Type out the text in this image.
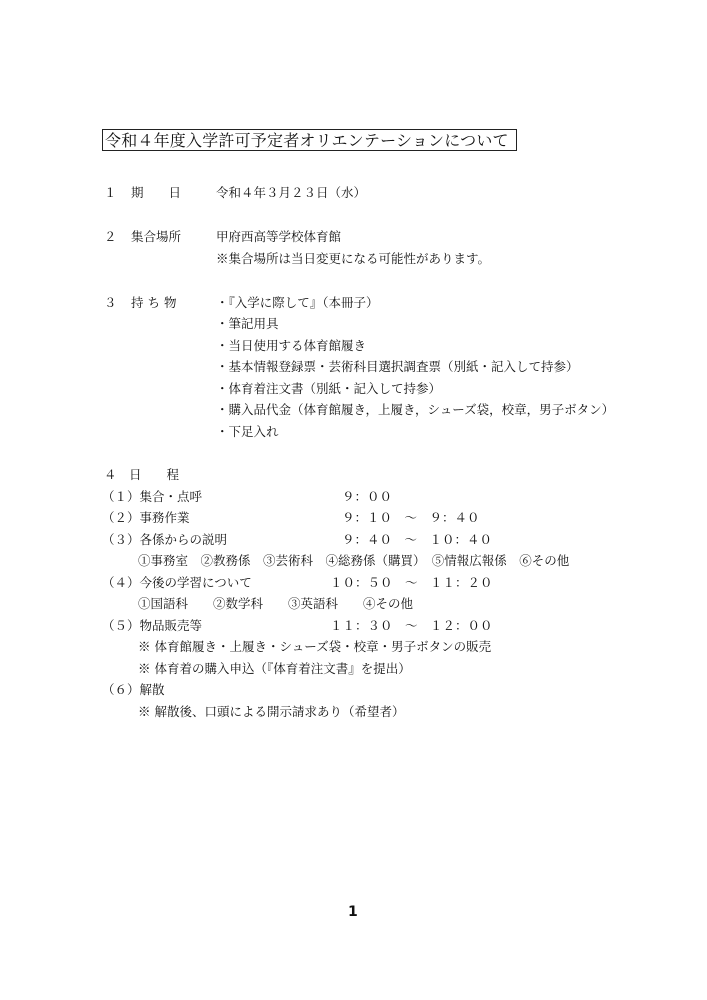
令和４年度入学許可予定者オリエンテーションについて
１ 期　　日	令和４年３月２３日（水）
２ 集合場所	甲府西高等学校体育館
※集合場所は当日変更になる可能性があります。
３ 持 ち 物	・『入学に際して』（本冊子）
・筆記用具
・当日使用する体育館履き
・基本情報登録票・芸術科目選択調査票（別紙・記入して持参）
・体育着注文書（別紙・記入して持参）
・購入品代金（体育館履き，上履き，シューズ袋，校章，男子ボタン）
・下足入れ
４　日　　程
（１）集合・点呼	９：００
（２）事務作業	９：１０　～　９：４０
（３）各係からの説明	９：４０　～　１０：４０
①事務室　②教務係　③芸術科　④総務係（購買）　⑤情報広報係　⑥その他
（４）今後の学習について	１０：５０　～　１１：２０
①国語科　　②数学科　　③英語科　　④その他
（５）物品販売等	１１：３０　～　１２：００
※ 体育館履き・上履き・シューズ袋・校章・男子ボタンの販売
※ 体育着の購入申込（『体育着注文書』を提出）
（６）解散
※ 解散後、口頭による開示請求あり（希望者）
1
